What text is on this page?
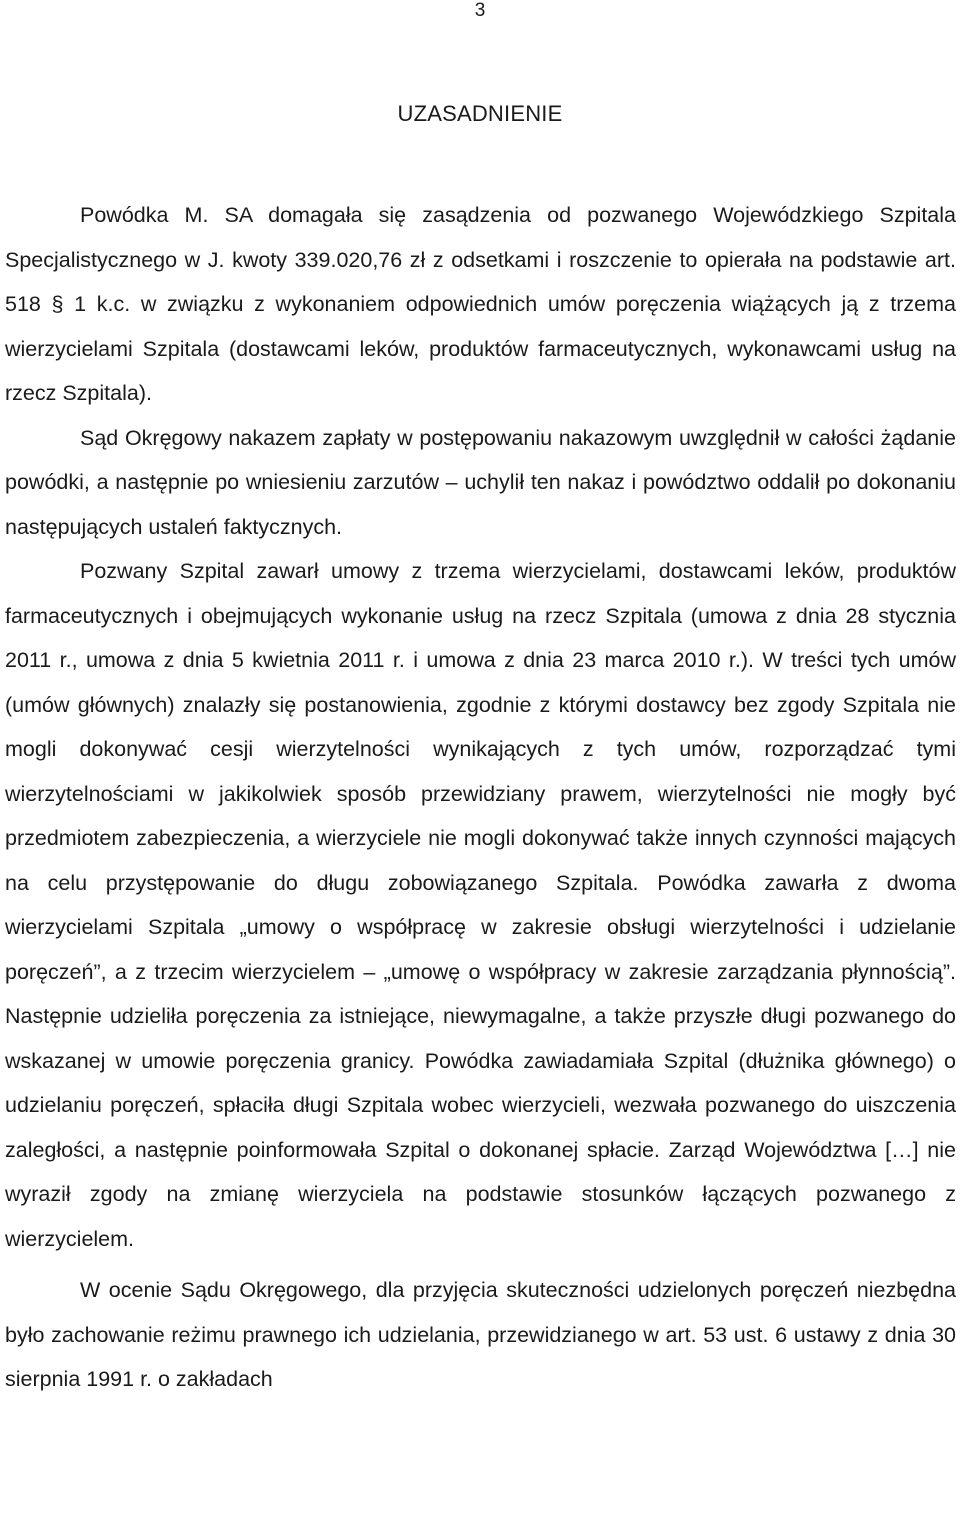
3
UZASADNIENIE

Powódka M. SA domagała się zasądzenia od pozwanego Wojewódzkiego Szpitala Specjalistycznego w J. kwoty 339.020,76 zł z odsetkami i roszczenie to opierała na podstawie art. 518 § 1 k.c. w związku z wykonaniem odpowiednich umów poręczenia wiążących ją z trzema wierzycielami Szpitala (dostawcami leków, produktów farmaceutycznych, wykonawcami usług na rzecz Szpitala).

Sąd Okręgowy nakazem zapłaty w postępowaniu nakazowym uwzględnił w całości żądanie powódki, a następnie po wniesieniu zarzutów – uchylił ten nakaz i powództwo oddalił po dokonaniu następujących ustaleń faktycznych.

Pozwany Szpital zawarł umowy z trzema wierzycielami, dostawcami leków, produktów farmaceutycznych i obejmujących wykonanie usług na rzecz Szpitala (umowa z dnia 28 stycznia 2011 r., umowa z dnia 5 kwietnia 2011 r. i umowa z dnia 23 marca 2010 r.). W treści tych umów (umów głównych) znalazły się postanowienia, zgodnie z którymi dostawcy bez zgody Szpitala nie mogli dokonywać cesji wierzytelności wynikających z tych umów, rozporządzać tymi wierzytelnościami w jakikolwiek sposób przewidziany prawem, wierzytelności nie mogły być przedmiotem zabezpieczenia, a wierzyciele nie mogli dokonywać także innych czynności mających na celu przystępowanie do długu zobowiązanego Szpitala. Powódka zawarła z dwoma wierzycielami Szpitala „umowy o współpracę w zakresie obsługi wierzytelności i udzielanie poręczeń”, a z trzecim wierzycielem – „umowę o współpracy w zakresie zarządzania płynnością”. Następnie udzieliła poręczenia za istniejące, niewymagalne, a także przyszłe długi pozwanego do wskazanej w umowie poręczenia granicy. Powódka zawiadamiała Szpital (dłużnika głównego) o udzielaniu poręczeń, spłaciła długi Szpitala wobec wierzycieli, wezwała pozwanego do uiszczenia zaległości, a następnie poinformowała Szpital o dokonanej spłacie. Zarząd Województwa […] nie wyraził zgody na zmianę wierzyciela na podstawie stosunków łączących pozwanego z wierzycielem.

W ocenie Sądu Okręgowego, dla przyjęcia skuteczności udzielonych poręczeń niezbędna było zachowanie reżimu prawnego ich udzielania, przewidzianego w art. 53 ust. 6 ustawy z dnia 30 sierpnia 1991 r. o zakładach
